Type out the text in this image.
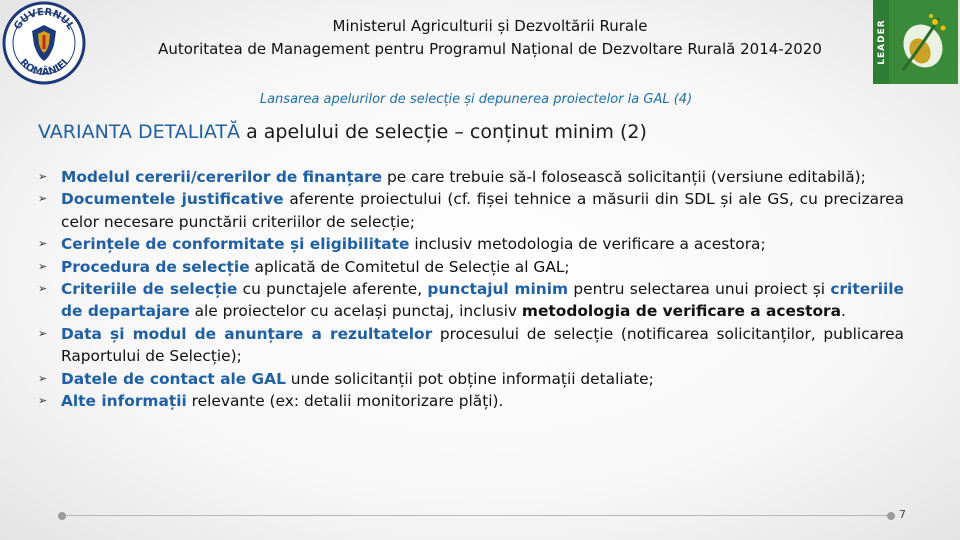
GUVERNUL
ROMÂNIEI	LEADER
Ministerul Agriculturii și Dezvoltării Rurale
Autoritatea de Management pentru Programul Național de Dezvoltare Rurală 2014-2020
Lansarea apelurilor de selecție și depunerea proiectelor la GAL (4)
VARIANTA DETALIATĂ a apelului de selecție – conținut minim (2)
➢ Modelul cererii/cererilor de finanțare pe care trebuie să-l folosească solicitanții (versiune editabilă);
➢ Documentele justificative aferente proiectului (cf. fișei tehnice a măsurii din SDL și ale GS, cu precizarea celor necesare punctării criteriilor de selecție;
➢ Cerințele de conformitate și eligibilitate inclusiv metodologia de verificare a acestora;
➢ Procedura de selecție aplicată de Comitetul de Selecție al GAL;
➢ Criteriile de selecție cu punctajele aferente, punctajul minim pentru selectarea unui proiect și criteriile de departajare ale proiectelor cu același punctaj, inclusiv metodologia de verificare a acestora.
➢ Data și modul de anunțare a rezultatelor procesului de selecție (notificarea solicitanților, publicarea Raportului de Selecție);
➢ Datele de contact ale GAL unde solicitanții pot obține informații detaliate;
➢ Alte informații relevante (ex: detalii monitorizare plăți).
7
